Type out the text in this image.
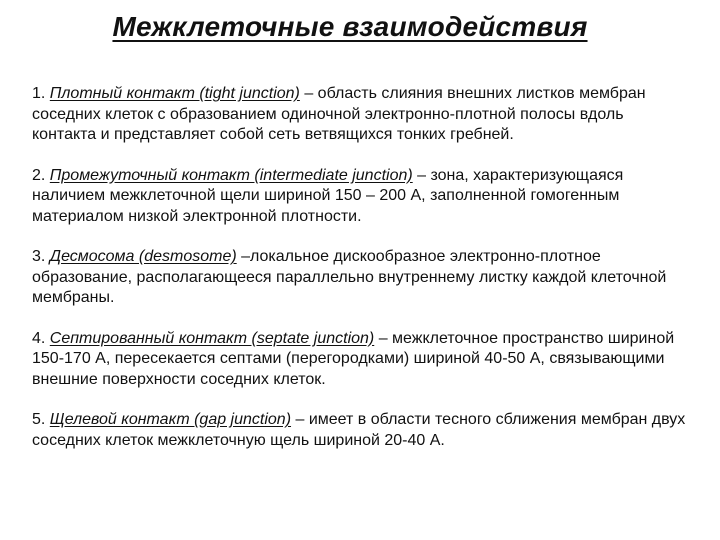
Межклеточные взаимодействия
1. Плотный контакт (tight junction) – область слияния внешних листков мембран соседних клеток с образованием одиночной электронно-плотной полосы вдоль контакта и представляет собой сеть ветвящихся тонких гребней.
2. Промежуточный контакт (intermediate junction) – зона, характеризующаяся наличием межклеточной щели шириной 150 – 200 А, заполненной гомогенным материалом низкой электронной плотности.
3. Десмосома (desmosome) –локальное дискообразное электронно-плотное образование, располагающееся параллельно внутреннему листку каждой клеточной мембраны.
4. Септированный контакт (septate junction) – межклеточное пространство шириной 150-170 А, пересекается септами (перегородками) шириной 40-50 А, связывающими внешние поверхности соседних клеток.
5. Щелевой контакт (gap junction) – имеет в области тесного сближения мембран двух соседних клеток межклеточную щель шириной 20-40 А.
